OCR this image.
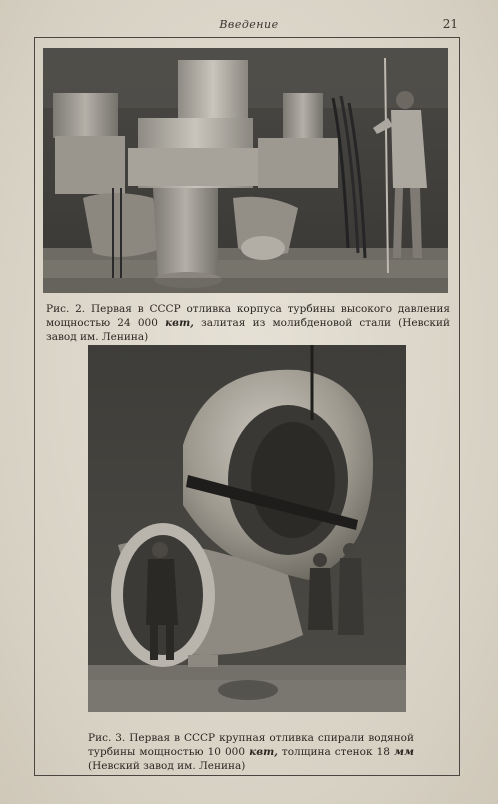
Введение	21
Рис. 2. Первая в СССР отливка корпуса турбины высокого давления мощностью 24 000 квт, залитая из молибденовой стали (Невский завод им. Ленина)
Рис. 3. Первая в СССР крупная отливка спирали водяной турбины мощностью 10 000 квт, толщина стенок 18 мм (Невский завод им. Ленина)
